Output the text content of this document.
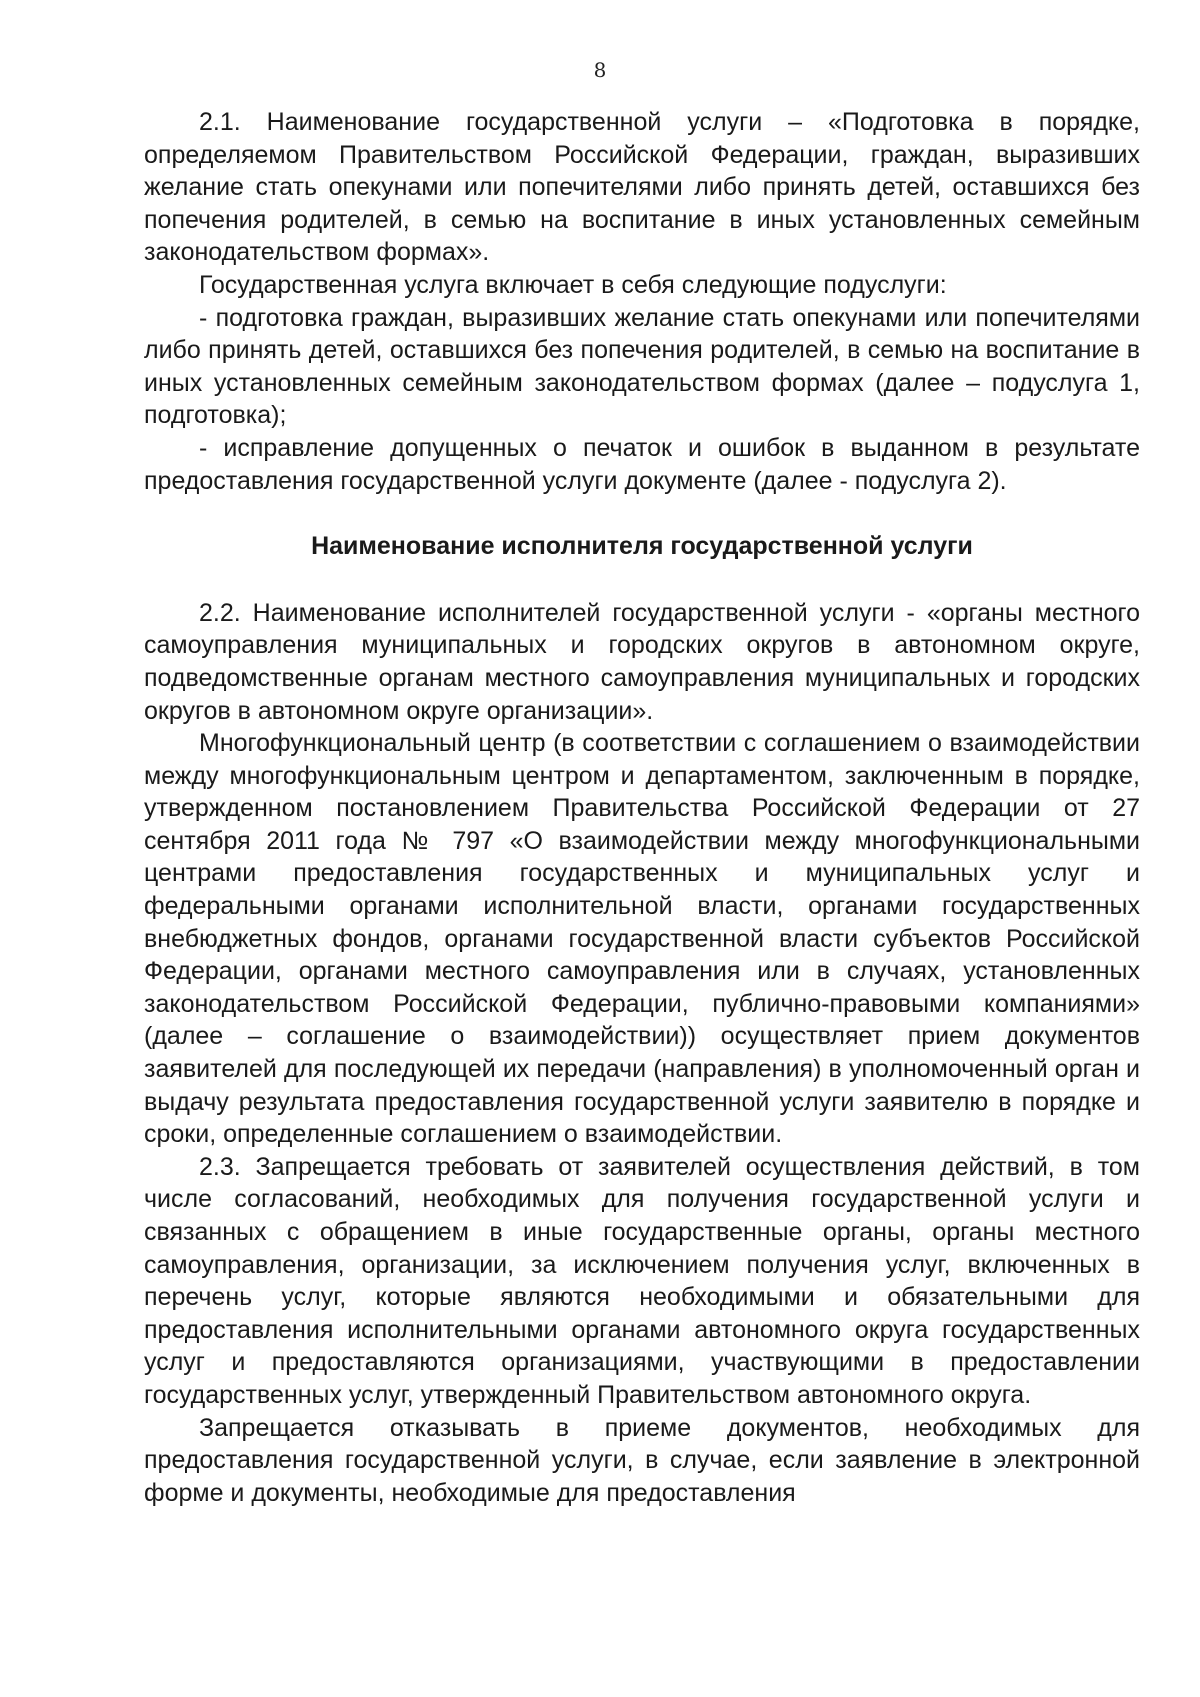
8

2.1. Наименование государственной услуги – «Подготовка в порядке, определяемом Правительством Российской Федерации, граждан, выразивших желание стать опекунами или попечителями либо принять детей, оставшихся без попечения родителей, в семью на воспитание в иных установленных семейным законодательством формах».

Государственная услуга включает в себя следующие подуслуги:

- подготовка граждан, выразивших желание стать опекунами или попечителями либо принять детей, оставшихся без попечения родителей, в семью на воспитание в иных установленных семейным законодательством формах (далее – подуслуга 1, подготовка);

- исправление допущенных о печаток и ошибок в выданном в результате предоставления государственной услуги документе (далее - подуслуга 2).

Наименование исполнителя государственной услуги

2.2. Наименование исполнителей государственной услуги - «органы местного самоуправления муниципальных и городских округов в автономном округе, подведомственные органам местного самоуправления муниципальных и городских округов в автономном округе организации».

Многофункциональный центр (в соответствии с соглашением о взаимодействии между многофункциональным центром и департаментом, заключенным в порядке, утвержденном постановлением Правительства Российской Федерации от 27 сентября 2011 года № 797 «О взаимодействии между многофункциональными центрами предоставления государственных и муниципальных услуг и федеральными органами исполнительной власти, органами государственных внебюджетных фондов, органами государственной власти субъектов Российской Федерации, органами местного самоуправления или в случаях, установленных законодательством Российской Федерации, публично-правовыми компаниями» (далее – соглашение о взаимодействии)) осуществляет прием документов заявителей для последующей их передачи (направления) в уполномоченный орган и выдачу результата предоставления государственной услуги заявителю в порядке и сроки, определенные соглашением о взаимодействии.

2.3. Запрещается требовать от заявителей осуществления действий, в том числе согласований, необходимых для получения государственной услуги и связанных с обращением в иные государственные органы, органы местного самоуправления, организации, за исключением получения услуг, включенных в перечень услуг, которые являются необходимыми и обязательными для предоставления исполнительными органами автономного округа государственных услуг и предоставляются организациями, участвующими в предоставлении государственных услуг, утвержденный Правительством автономного округа.

Запрещается отказывать в приеме документов, необходимых для предоставления государственной услуги, в случае, если заявление в электронной форме и документы, необходимые для предоставления
